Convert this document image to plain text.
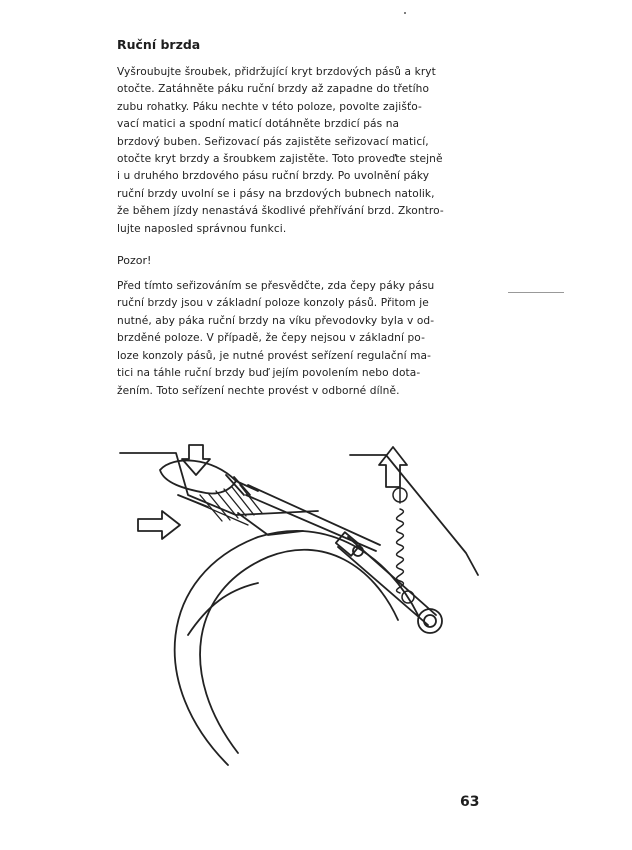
Ruční brzda

Vyšroubujte šroubek, přidržující kryt brzdových pásů a kryt
otočte. Zatáhněte páku ruční brzdy až zapadne do třetího
zubu rohatky. Páku nechte v této poloze, povolte zajišťo-
vací matici a spodní maticí dotáhněte brzdicí pás na
brzdový buben. Seřizovací pás zajistěte seřizovací maticí,
otočte kryt brzdy a šroubkem zajistěte. Toto proveďte stejně
i u druhého brzdového pásu ruční brzdy. Po uvolnění páky
ruční brzdy uvolní se i pásy na brzdových bubnech natolik,
že během jízdy nenastává škodlivé přehřívání brzd. Zkontro-
lujte naposled správnou funkci.

Pozor!

Před tímto seřizováním se přesvědčte, zda čepy páky pásu
ruční brzdy jsou v základní poloze konzoly pásů. Přitom je
nutné, aby páka ruční brzdy na víku převodovky byla v od-
brzděné poloze. V případě, že čepy nejsou v základní po-
loze konzoly pásů, je nutné provést seřízení regulační ma-
tici na táhle ruční brzdy buď jejím povolením nebo dota-
žením. Toto seřízení nechte provést v odborné dílně.

63
